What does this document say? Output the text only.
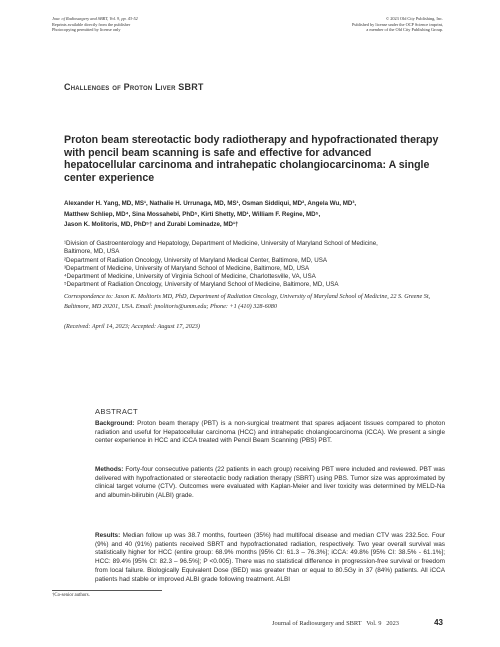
Jour. of Radiosurgery and SBRT, Vol. 9, pp. 43-52
Reprints available directly from the publisher
Photocopying permitted by license only
© 2023 Old City Publishing, Inc.
Published by license under the OCP Science imprint,
a member of the Old City Publishing Group.
Challenges of Proton Liver SBRT
Proton beam stereotactic body radiotherapy and hypofractionated therapy with pencil beam scanning is safe and effective for advanced hepatocellular carcinoma and intrahepatic cholangiocarcinoma: A single center experience
Alexander H. Yang, MD, MS¹, Nathalie H. Urrunaga, MD, MS¹, Osman Siddiqui, MD², Angela Wu, MD³,
Matthew Schliep, MD⁴, Sina Mossahebi, PhD⁵, Kirti Shetty, MD¹, William F. Regine, MD⁵,
Jason K. Molitoris, MD, PhD⁵† and Zurabi Lominadze, MD¹†
¹Division of Gastroenterology and Hepatology, Department of Medicine, University of Maryland School of Medicine,
Baltimore, MD, USA
²Department of Radiation Oncology, University of Maryland Medical Center, Baltimore, MD, USA
³Department of Medicine, University of Maryland School of Medicine, Baltimore, MD, USA
⁴Department of Medicine, University of Virginia School of Medicine, Charlottesville, VA, USA
⁵Department of Radiation Oncology, University of Maryland School of Medicine, Baltimore, MD, USA
Correspondence to: Jason K. Molitoris MD, PhD, Department of Radiation Oncology, University of Maryland School of Medicine, 22 S. Greene St, Baltimore, MD 20201, USA. Email: jmolitoris@umm.edu; Phone: +1 (410) 328-6080
(Received: April 14, 2023; Accepted: August 17, 2023)
ABSTRACT
Background: Proton beam therapy (PBT) is a non-surgical treatment that spares adjacent tissues compared to photon radiation and useful for Hepatocellular carcinoma (HCC) and intrahepatic cholangiocarcinoma (iCCA). We present a single center experience in HCC and iCCA treated with Pencil Beam Scanning (PBS) PBT.
Methods: Forty-four consecutive patients (22 patients in each group) receiving PBT were included and reviewed. PBT was delivered with hypofractionated or stereotactic body radiation therapy (SBRT) using PBS. Tumor size was approximated by clinical target volume (CTV). Outcomes were evaluated with Kaplan-Meier and liver toxicity was determined by MELD-Na and albumin-bilirubin (ALBI) grade.
Results: Median follow up was 38.7 months, fourteen (35%) had multifocal disease and median CTV was 232.5cc. Four (9%) and 40 (91%) patients received SBRT and hypofractionated radiation, respectively. Two year overall survival was statistically higher for HCC (entire group: 68.9% months [95% CI: 61.3 – 76.3%]; iCCA: 49.8% [95% CI: 38.5% - 61.1%]; HCC: 89.4% [95% CI: 82.3 – 96.5%]; P <0.005). There was no statistical difference in progression-free survival or freedom from local failure. Biologically Equivalent Dose (BED) was greater than or equal to 80.5Gy in 37 (84%) patients. All iCCA patients had stable or improved ALBI grade following treatment. ALBI
†Co-senior authors.
Journal of Radiosurgery and SBRT Vol. 9 2023	43
